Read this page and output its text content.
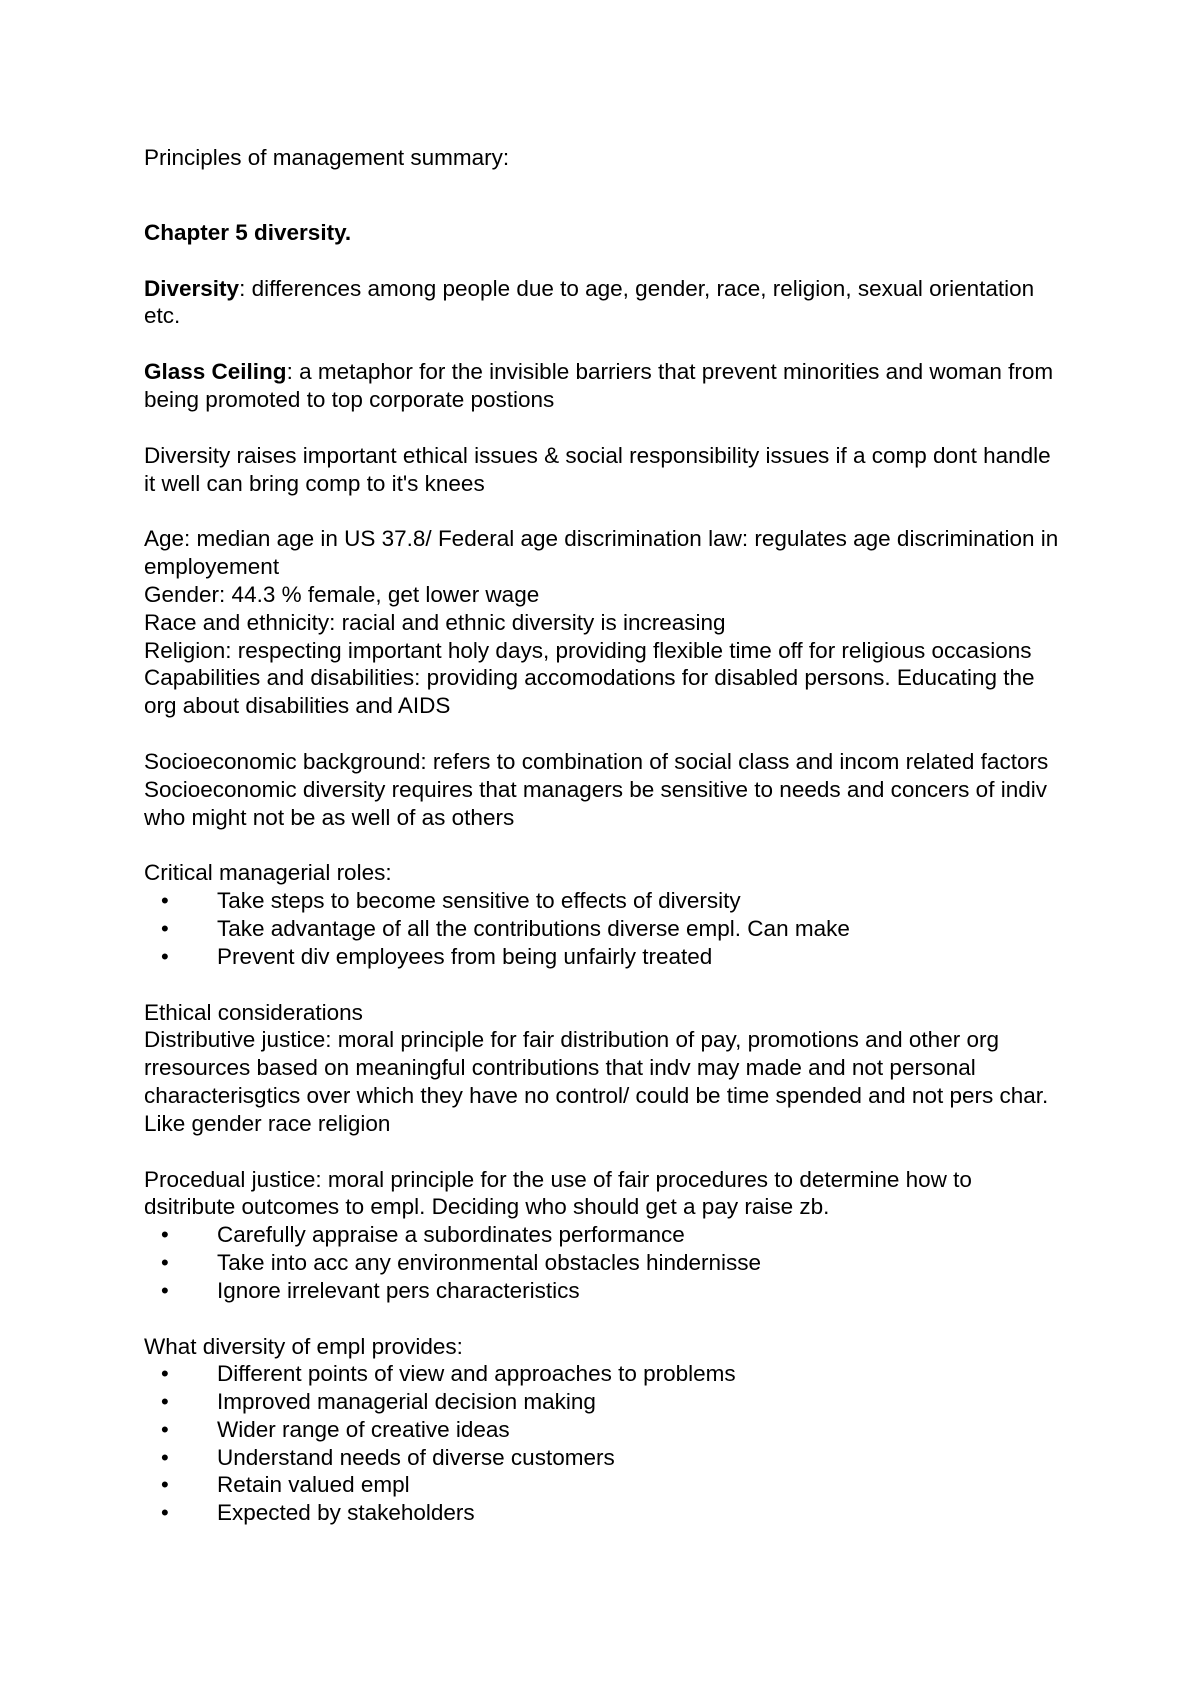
Principles of management summary:

Chapter 5 diversity.

Diversity: differences among people due to age, gender, race, religion, sexual orientation etc.

Glass Ceiling: a metaphor for the invisible barriers that prevent minorities and woman from being promoted to top corporate postions

Diversity raises important ethical issues & social responsibility issues if a comp dont handle it well can bring comp to it's knees

Age: median age in US 37.8/ Federal age discrimination law: regulates age discrimination in employement

Gender: 44.3 % female, get lower wage

Race and ethnicity: racial and ethnic diversity is increasing

Religion: respecting important holy days, providing flexible time off for religious occasions

Capabilities and disabilities: providing accomodations for disabled persons. Educating the org about disabilities and AIDS

Socioeconomic background: refers to combination of social class and incom related factors

Socioeconomic diversity requires that managers be sensitive to needs and concers of indiv who might not be as well of as others

Critical managerial roles:

• Take steps to become sensitive to effects of diversity
• Take advantage of all the contributions diverse empl. Can make
• Prevent div employees from being unfairly treated

Ethical considerations

Distributive justice: moral principle for fair distribution of pay, promotions and other org rresources based on meaningful contributions that indv may made and not personal characterisgtics over which they have no control/ could be time spended and not pers char. Like gender race religion

Procedual justice: moral principle for the use of fair procedures to determine how to dsitribute outcomes to empl. Deciding who should get a pay raise zb.

• Carefully appraise a subordinates performance
• Take into acc any environmental obstacles hindernisse
• Ignore irrelevant pers characteristics

What diversity of empl provides:

• Different points of view and approaches to problems
• Improved managerial decision making
• Wider range of creative ideas
• Understand needs of diverse customers
• Retain valued empl
• Expected by stakeholders
